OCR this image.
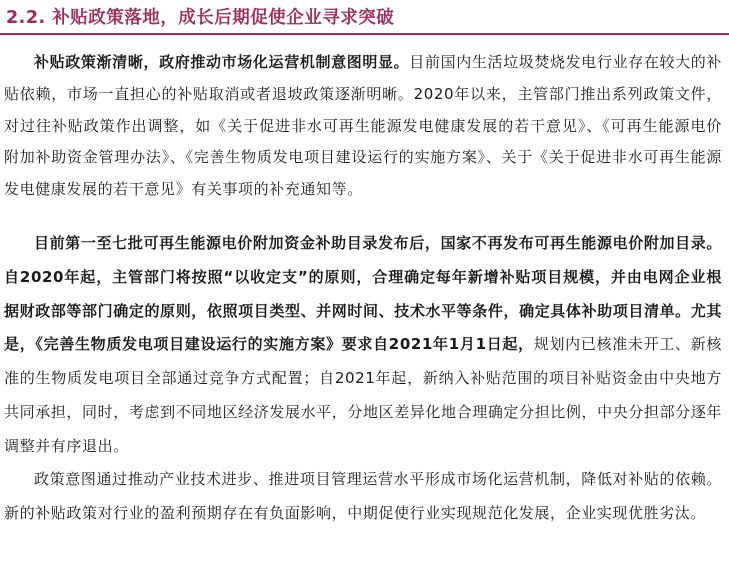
2.2. 补贴政策落地，成长后期促使企业寻求突破

补贴政策渐清晰，政府推动市场化运营机制意图明显。目前国内生活垃圾焚烧发电行业存在较大的补贴依赖，市场一直担心的补贴取消或者退坡政策逐渐明晰。2020年以来，主管部门推出系列政策文件，对过往补贴政策作出调整，如《关于促进非水可再生能源发电健康发展的若干意见》、《可再生能源电价附加补助资金管理办法》、《完善生物质发电项目建设运行的实施方案》、关于《关于促进非水可再生能源发电健康发展的若干意见》有关事项的补充通知等。

目前第一至七批可再生能源电价附加资金补助目录发布后，国家不再发布可再生能源电价附加目录。自2020年起，主管部门将按照“以收定支”的原则，合理确定每年新增补贴项目规模，并由电网企业根据财政部等部门确定的原则，依照项目类型、并网时间、技术水平等条件，确定具体补助项目清单。尤其是，《完善生物质发电项目建设运行的实施方案》要求自2021年1月1日起，规划内已核准未开工、新核准的生物质发电项目全部通过竞争方式配置；自2021年起，新纳入补贴范围的项目补贴资金由中央地方共同承担，同时，考虑到不同地区经济发展水平，分地区差异化地合理确定分担比例，中央分担部分逐年调整并有序退出。

政策意图通过推动产业技术进步、推进项目管理运营水平形成市场化运营机制，降低对补贴的依赖。新的补贴政策对行业的盈利预期存在有负面影响，中期促使行业实现规范化发展，企业实现优胜劣汰。
